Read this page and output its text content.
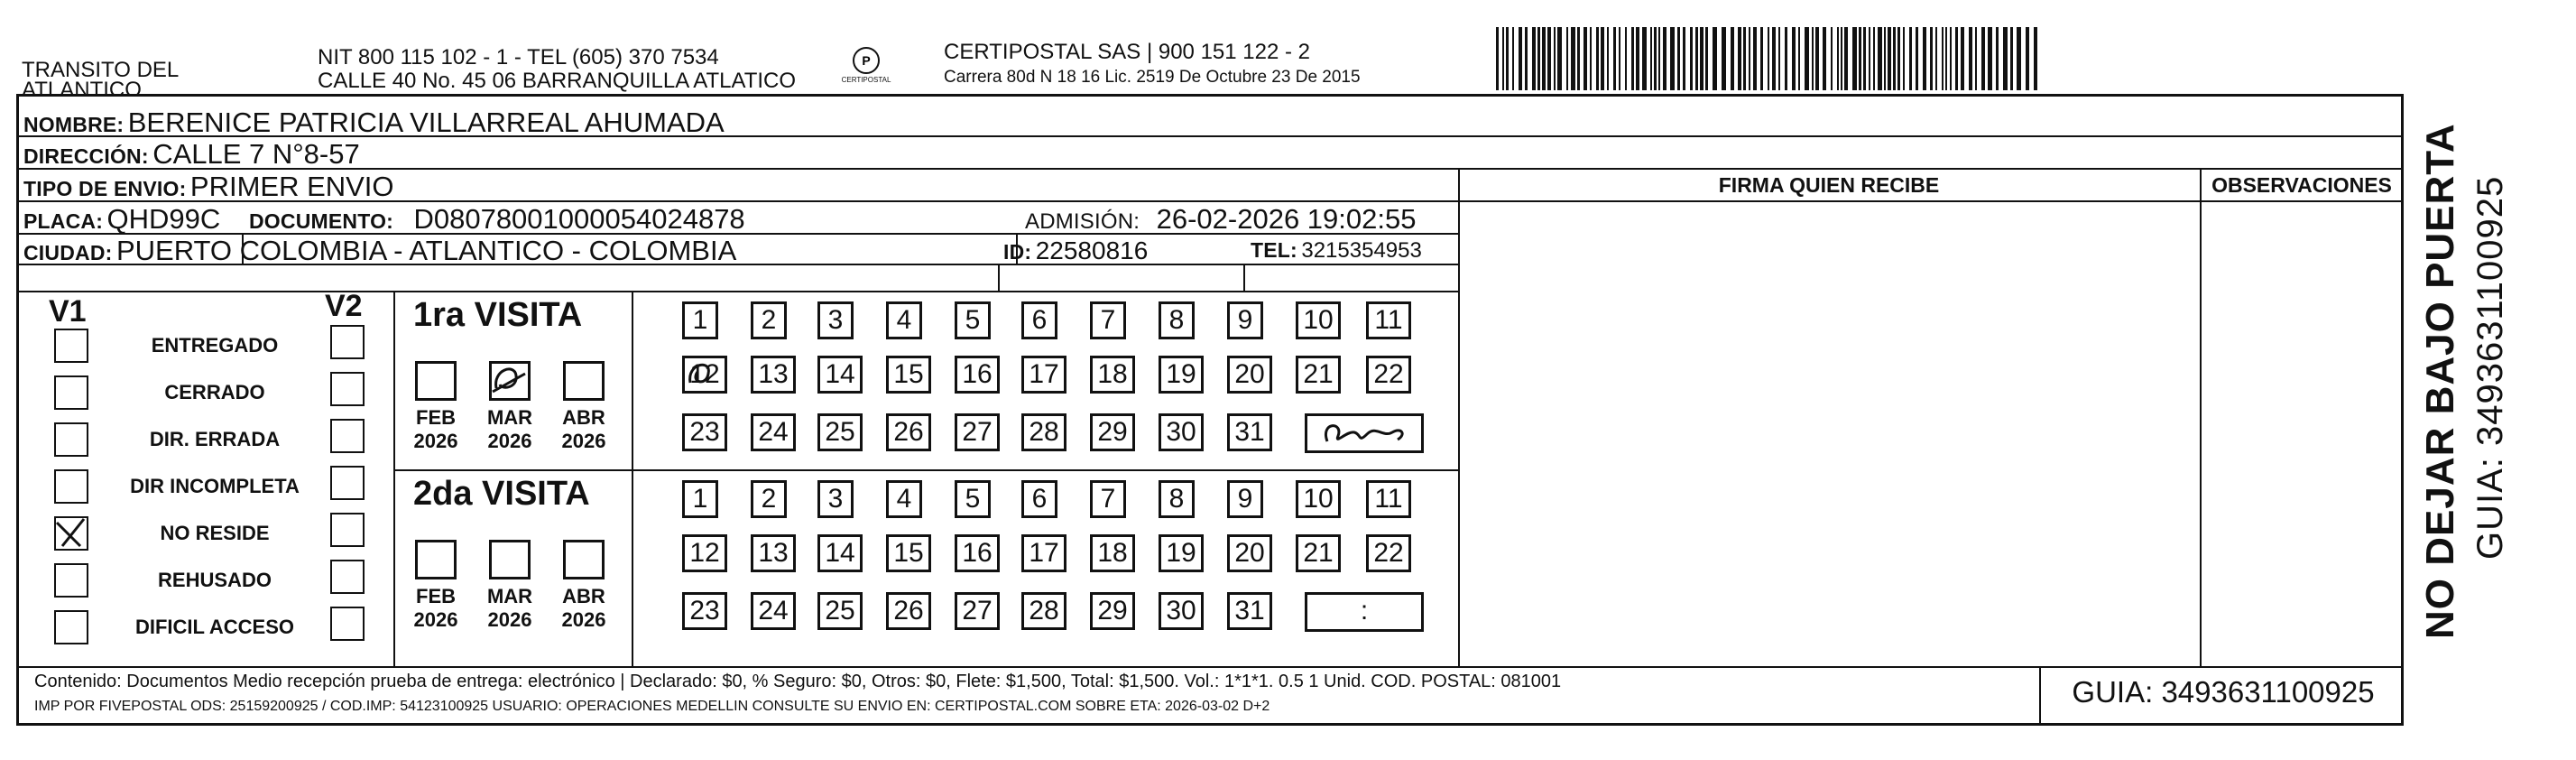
TRANSITO DEL
ATLANTICO
NIT 800 115 102 - 1 - TEL (605) 370 7534
CALLE 40 No. 45 06 BARRANQUILLA ATLATICO
P
CERTIPOSTAL
CERTIPOSTAL SAS | 900 151 122 - 2
Carrera 80d N 18 16 Lic. 2519 De Octubre 23 De 2015
NOMBRE: BERENICE PATRICIA VILLARREAL AHUMADA
DIRECCIÓN: CALLE 7 N°8-57
TIPO DE ENVIO: PRIMER ENVIO
PLACA: QHD99C DOCUMENTO: D08078001000054024878	ADMISIÓN: 26-02-2026 19:02:55
CIUDAD: PUERTO COLOMBIA - ATLANTICO - COLOMBIA	ID: 22580816	TEL: 3215354953
FIRMA QUIEN RECIBE	OBSERVACIONES
V1	V2
ENTREGADO
CERRADO
DIR. ERRADA
DIR INCOMPLETA
NO RESIDE
REHUSADO
DIFICIL ACCESO
1ra VISITA
FEB
2026
MAR
2026
ABR
2026
1	2	3	4	5	6	7	8	9	10	11
12 13 14 15 16 17 18 19 20 21 22
23 24 25 26 27 28 29 30 31
2da VISITA
FEB
2026
MAR
2026
ABR
2026
1	2	3	4	5	6	7	8	9	10	11
12 13 14 15 16 17 18 19 20 21 22
23 24 25 26 27 28 29 30 31	:
Contenido: Documentos Medio recepción prueba de entrega: electrónico | Declarado: $0, % Seguro: $0, Otros: $0, Flete: $1,500, Total: $1,500. Vol.: 1*1*1. 0.5 1 Unid. COD. POSTAL: 081001
IMP POR FIVEPOSTAL ODS: 25159200925 / COD.IMP: 54123100925 USUARIO: OPERACIONES MEDELLIN CONSULTE SU ENVIO EN: CERTIPOSTAL.COM SOBRE ETA: 2026-03-02 D+2	GUIA: 3493631100925
NO DEJAR BAJO PUERTA GUIA: 3493631100925
